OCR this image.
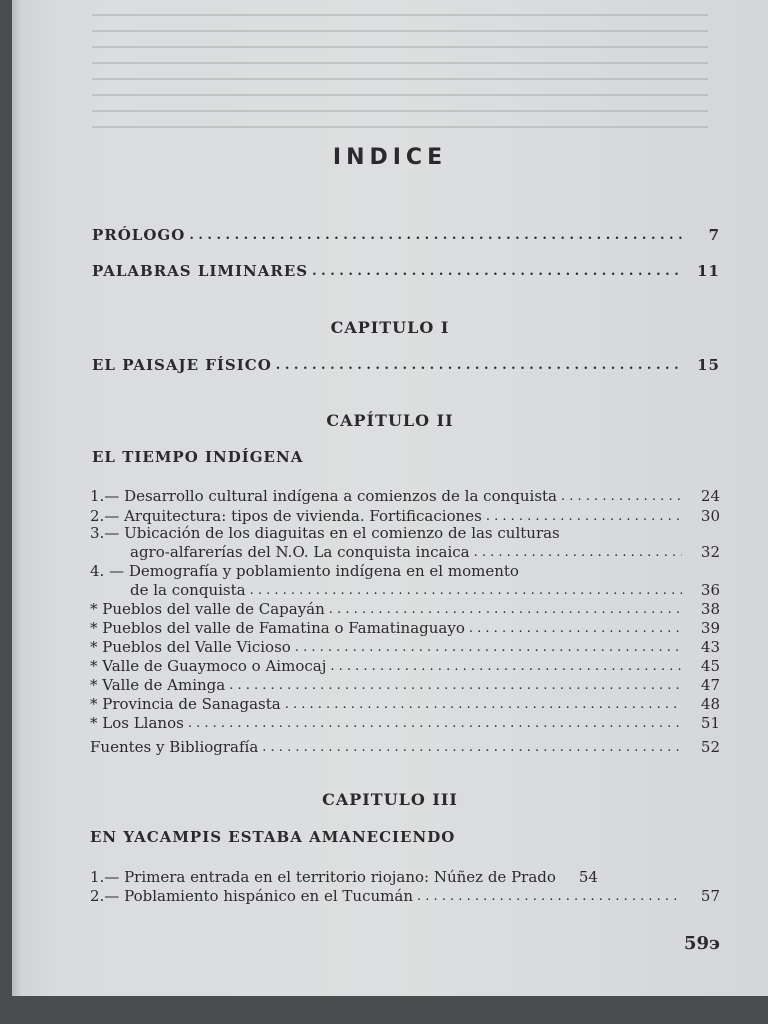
INDICE
PRÓLOGO . . .	7
PALABRAS LIMINARES . . .	11
CAPITULO I
EL PAISAJE FÍSICO . . .	15
CAPÍTULO II
EL TIEMPO INDÍGENA
1.— Desarrollo cultural indígena a comienzos de la conquista . . .	24
2.— Arquitectura: tipos de vivienda. Fortificaciones . . .	30
3.— Ubicación de los diaguitas en el comienzo de las culturas
agro-alfarerías del N.O. La conquista incaica . . .	32
4. — Demografía y poblamiento indígena en el momento
de la conquista . . .	36
* Pueblos del valle de Capayán . . .	38
* Pueblos del valle de Famatina o Famatinaguayo . . .	39
* Pueblos del Valle Vicioso . . .	43
* Valle de Guaymoco o Aimocaj . . .	45
* Valle de Aminga . . .	47
* Provincia de Sanagasta . . .	48
* Los Llanos . . .	51
Fuentes y Bibliografía . . .	52
CAPITULO III
EN YACAMPIS ESTABA AMANECIENDO
1.— Primera entrada en el territorio riojano: Núñez de Prado	54
2.— Poblamiento hispánico en el Tucumán . . .	57
59϶
